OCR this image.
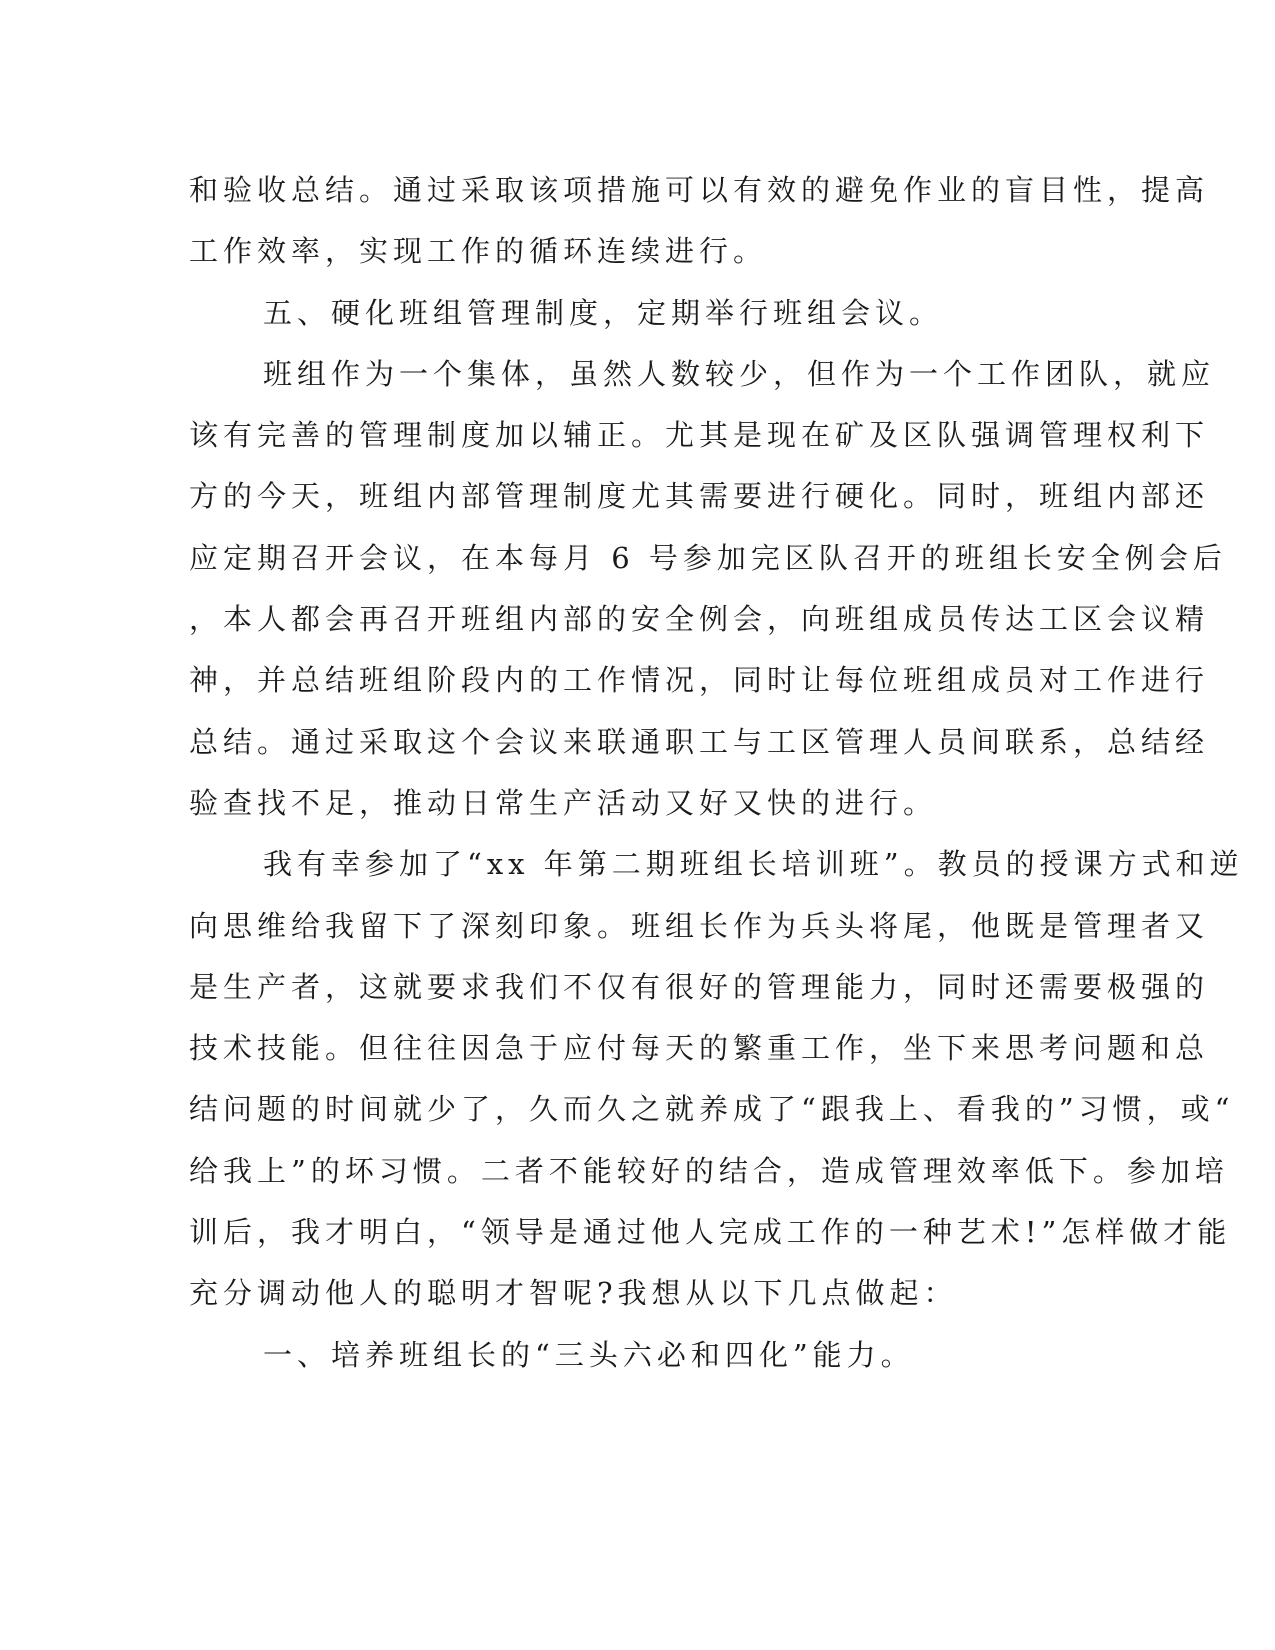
和验收总结。通过采取该项措施可以有效的避免作业的盲目性，提高
工作效率，实现工作的循环连续进行。
五、硬化班组管理制度，定期举行班组会议。
班组作为一个集体，虽然人数较少，但作为一个工作团队，就应
该有完善的管理制度加以辅正。尤其是现在矿及区队强调管理权利下
方的今天，班组内部管理制度尤其需要进行硬化。同时，班组内部还
应定期召开会议，在本每月 6 号参加完区队召开的班组长安全例会后
，本人都会再召开班组内部的安全例会，向班组成员传达工区会议精
神，并总结班组阶段内的工作情况，同时让每位班组成员对工作进行
总结。通过采取这个会议来联通职工与工区管理人员间联系，总结经
验查找不足，推动日常生产活动又好又快的进行。
我有幸参加了“xx 年第二期班组长培训班”。教员的授课方式和逆
向思维给我留下了深刻印象。班组长作为兵头将尾，他既是管理者又
是生产者，这就要求我们不仅有很好的管理能力，同时还需要极强的
技术技能。但往往因急于应付每天的繁重工作，坐下来思考问题和总
结问题的时间就少了，久而久之就养成了“跟我上、看我的”习惯，或“
给我上”的坏习惯。二者不能较好的结合，造成管理效率低下。参加培
训后，我才明白，“领导是通过他人完成工作的一种艺术!”怎样做才能
充分调动他人的聪明才智呢?我想从以下几点做起：
一、培养班组长的“三头六必和四化”能力。
